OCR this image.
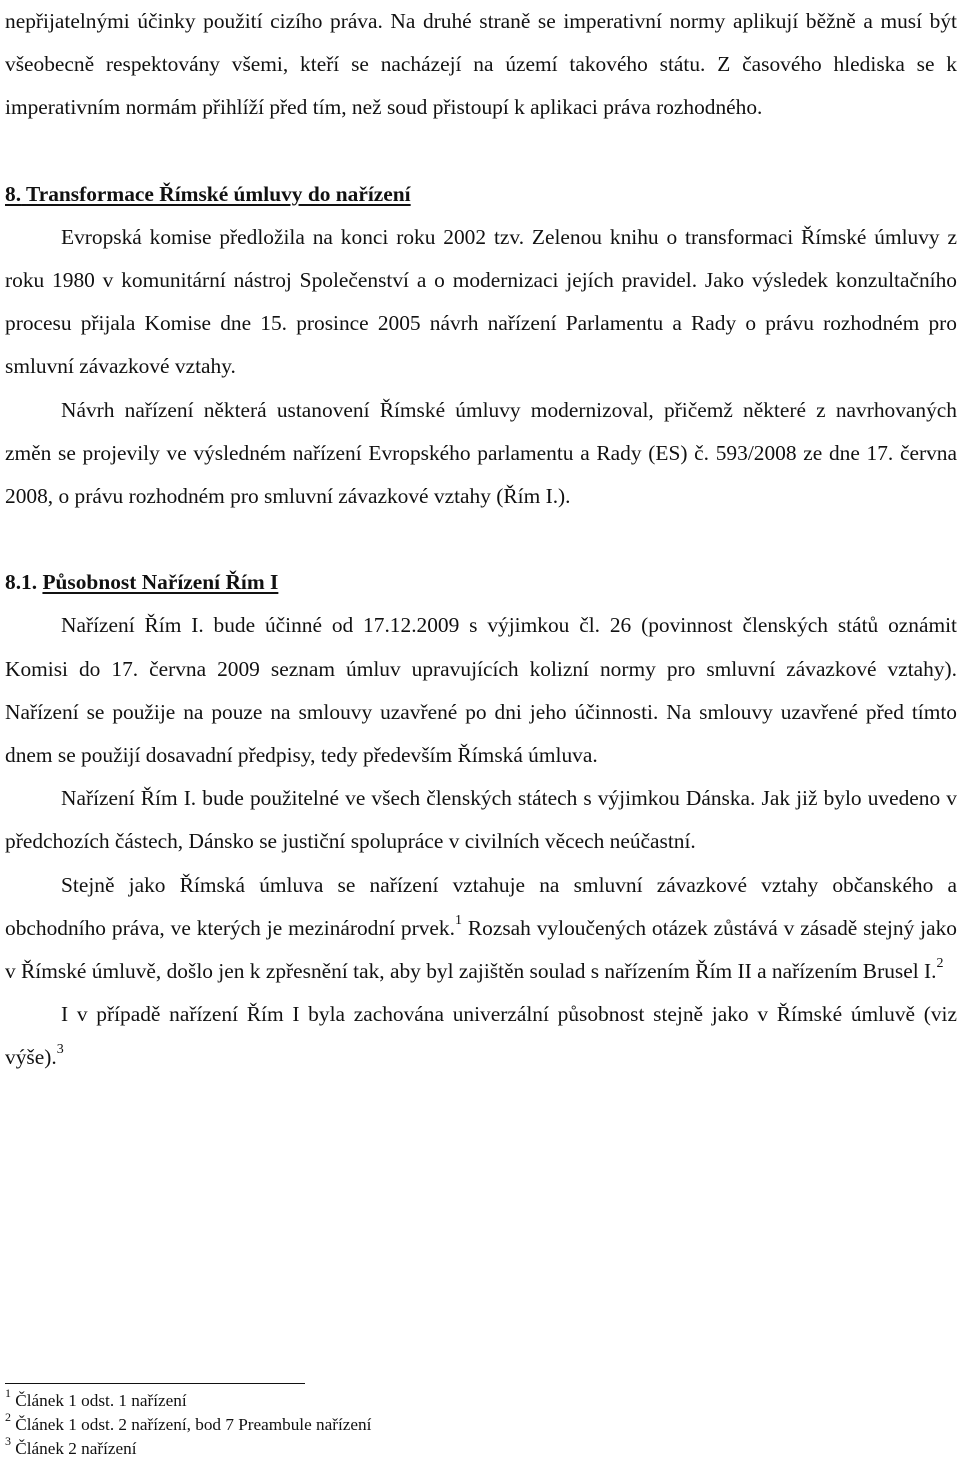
nepřijatelnými účinky použití cizího práva. Na druhé straně se imperativní normy aplikují běžně a musí být všeobecně respektovány všemi, kteří se nacházejí na území takového státu. Z časového hlediska se k imperativním normám přihlíží před tím, než soud přistoupí k aplikaci práva rozhodného.

8. Transformace Římské úmluvy do nařízení

Evropská komise předložila na konci roku 2002 tzv. Zelenou knihu o transformaci Římské úmluvy z roku 1980 v komunitární nástroj Společenství a o modernizaci jejích pravidel. Jako výsledek konzultačního procesu přijala Komise dne 15. prosince 2005 návrh nařízení Parlamentu a Rady o právu rozhodném pro smluvní závazkové vztahy.

Návrh nařízení některá ustanovení Římské úmluvy modernizoval, přičemž některé z navrhovaných změn se projevily ve výsledném nařízení Evropského parlamentu a Rady (ES) č. 593/2008 ze dne 17. června 2008, o právu rozhodném pro smluvní závazkové vztahy (Řím I.).

8.1. Působnost Nařízení Řím I

Nařízení Řím I. bude účinné od 17.12.2009 s výjimkou čl. 26 (povinnost členských států oznámit Komisi do 17. června 2009 seznam úmluv upravujících kolizní normy pro smluvní závazkové vztahy). Nařízení se použije na pouze na smlouvy uzavřené po dni jeho účinnosti. Na smlouvy uzavřené před tímto dnem se použijí dosavadní předpisy, tedy především Římská úmluva.

Nařízení Řím I. bude použitelné ve všech členských státech s výjimkou Dánska. Jak již bylo uvedeno v předchozích částech, Dánsko se justiční spolupráce v civilních věcech neúčastní.

Stejně jako Římská úmluva se nařízení vztahuje na smluvní závazkové vztahy občanského a obchodního práva, ve kterých je mezinárodní prvek.$^1$ Rozsah vyloučených otázek zůstává v zásadě stejný jako v Římské úmluvě, došlo jen k zpřesnění tak, aby byl zajištěn soulad s nařízením Řím II a nařízením Brusel I.$^2$

I v případě nařízení Řím I byla zachována univerzální působnost stejně jako v Římské úmluvě (viz výše).$^3$

$^1$ Článek 1 odst. 1 nařízení
$^2$ Článek 1 odst. 2 nařízení, bod 7 Preambule nařízení
$^3$ Článek 2 nařízení
